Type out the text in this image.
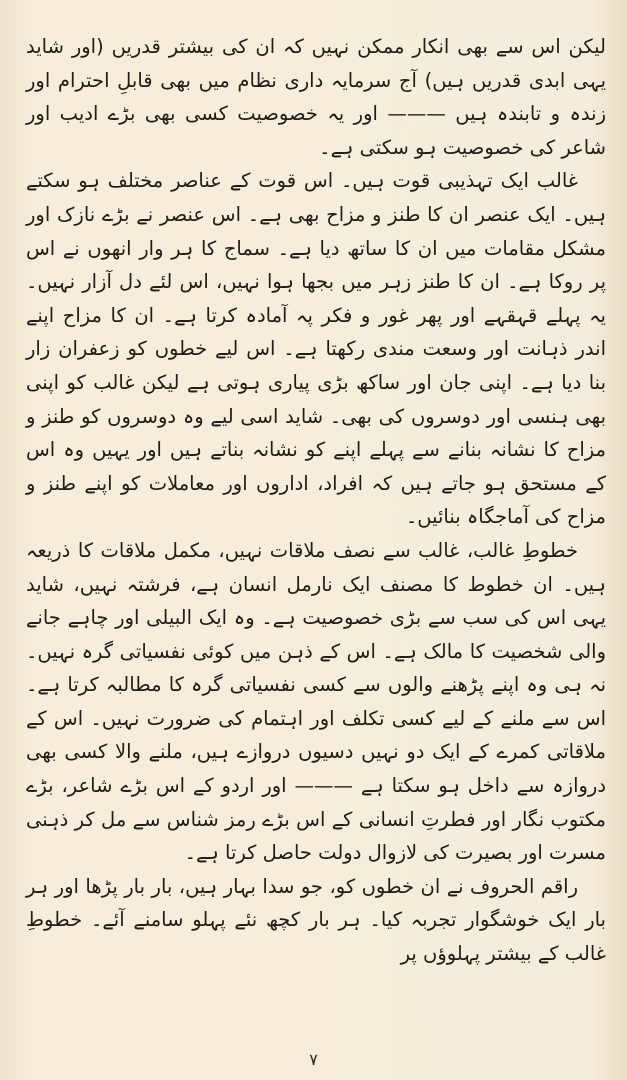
لیکن اس سے بھی انکار ممکن نہیں کہ ان کی بیشتر قدریں (اور شاید یہی ابدی قدریں ہیں) آج سرمایہ داری نظام میں بھی قابلِ احترام اور زندہ و تابندہ ہیں ——— اور یہ خصوصیت کسی بھی بڑے ادیب اور شاعر کی خصوصیت ہو سکتی ہے۔

غالب ایک تہذیبی قوت ہیں۔ اس قوت کے عناصر مختلف ہو سکتے ہیں۔ ایک عنصر ان کا طنز و مزاح بھی ہے۔ اس عنصر نے بڑے نازک اور مشکل مقامات میں ان کا ساتھ دیا ہے۔ سماج کا ہر وار انھوں نے اس پر روکا ہے۔ ان کا طنز زہر میں بجھا ہوا نہیں، اس لئے دل آزار نہیں۔ یہ پہلے قہقہے اور پھر غور و فکر پہ آمادہ کرتا ہے۔ ان کا مزاح اپنے اندر ذہانت اور وسعت مندی رکھتا ہے۔ اس لیے خطوں کو زعفران زار بنا دیا ہے۔ اپنی جان اور ساکھ بڑی پیاری ہوتی ہے لیکن غالب کو اپنی بھی ہنسی اور دوسروں کی بھی۔ شاید اسی لیے وہ دوسروں کو طنز و مزاح کا نشانہ بنانے سے پہلے اپنے کو نشانہ بناتے ہیں اور یہیں وہ اس کے مستحق ہو جاتے ہیں کہ افراد، اداروں اور معاملات کو اپنے طنز و مزاح کی آماجگاہ بنائیں۔

خطوطِ غالب، غالب سے نصف ملاقات نہیں، مکمل ملاقات کا ذریعہ ہیں۔ ان خطوط کا مصنف ایک نارمل انسان ہے، فرشتہ نہیں، شاید یہی اس کی سب سے بڑی خصوصیت ہے۔ وہ ایک البیلی اور چاہے جانے والی شخصیت کا مالک ہے۔ اس کے ذہن میں کوئی نفسیاتی گرہ نہیں۔ نہ ہی وہ اپنے پڑھنے والوں سے کسی نفسیاتی گرہ کا مطالبہ کرتا ہے۔ اس سے ملنے کے لیے کسی تکلف اور اہتمام کی ضرورت نہیں۔ اس کے ملاقاتی کمرے کے ایک دو نہیں دسیوں دروازے ہیں، ملنے والا کسی بھی دروازہ سے داخل ہو سکتا ہے ——— اور اردو کے اس بڑے شاعر، بڑے مکتوب نگار اور فطرتِ انسانی کے اس بڑے رمز شناس سے مل کر ذہنی مسرت اور بصیرت کی لازوال دولت حاصل کرتا ہے۔

راقم الحروف نے ان خطوں کو، جو سدا بہار ہیں، بار بار پڑھا اور ہر بار ایک خوشگوار تجربہ کیا۔ ہر بار کچھ نئے پہلو سامنے آئے۔ خطوطِ غالب کے بیشتر پہلوؤں پر

۷
